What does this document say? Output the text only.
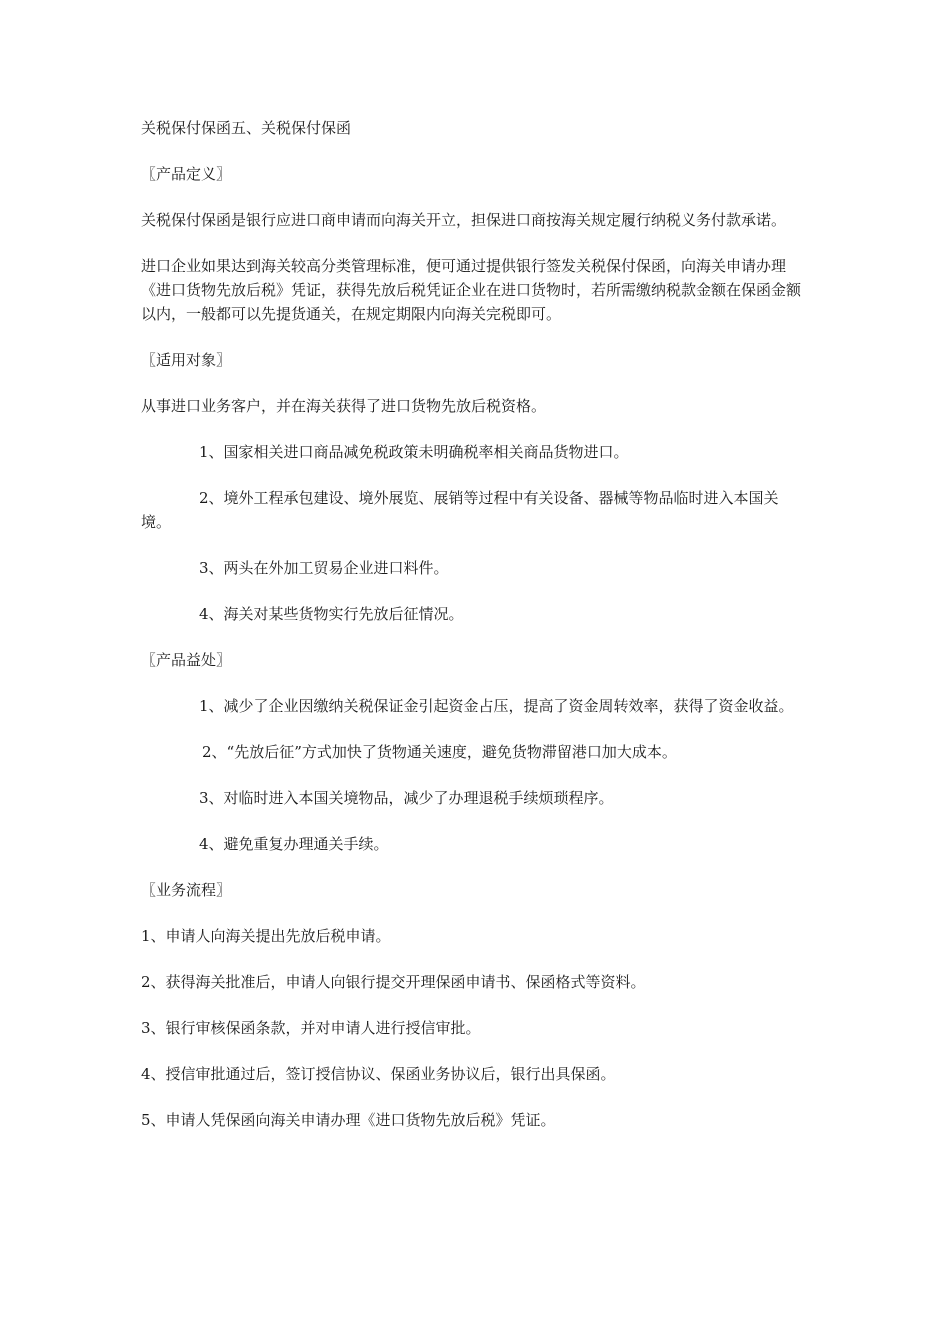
关税保付保函五、关税保付保函

〖产品定义〗

关税保付保函是银行应进口商申请而向海关开立，担保进口商按海关规定履行纳税义务付款承诺。

进口企业如果达到海关较高分类管理标准，便可通过提供银行签发关税保付保函，向海关申请办理《进口货物先放后税》凭证，获得先放后税凭证企业在进口货物时，若所需缴纳税款金额在保函金额以内，一般都可以先提货通关，在规定期限内向海关完税即可。

〖适用对象〗

从事进口业务客户，并在海关获得了进口货物先放后税资格。

1、国家相关进口商品减免税政策未明确税率相关商品货物进口。

2、境外工程承包建设、境外展览、展销等过程中有关设备、器械等物品临时进入本国关境。

3、两头在外加工贸易企业进口料件。

4、海关对某些货物实行先放后征情况。

〖产品益处〗

1、减少了企业因缴纳关税保证金引起资金占压，提高了资金周转效率，获得了资金收益。

2、“先放后征”方式加快了货物通关速度，避免货物滞留港口加大成本。

3、对临时进入本国关境物品，减少了办理退税手续烦琐程序。

4、避免重复办理通关手续。

〖业务流程〗

1、申请人向海关提出先放后税申请。

2、获得海关批准后，申请人向银行提交开理保函申请书、保函格式等资料。

3、银行审核保函条款，并对申请人进行授信审批。

4、授信审批通过后，签订授信协议、保函业务协议后，银行出具保函。

5、申请人凭保函向海关申请办理《进口货物先放后税》凭证。
